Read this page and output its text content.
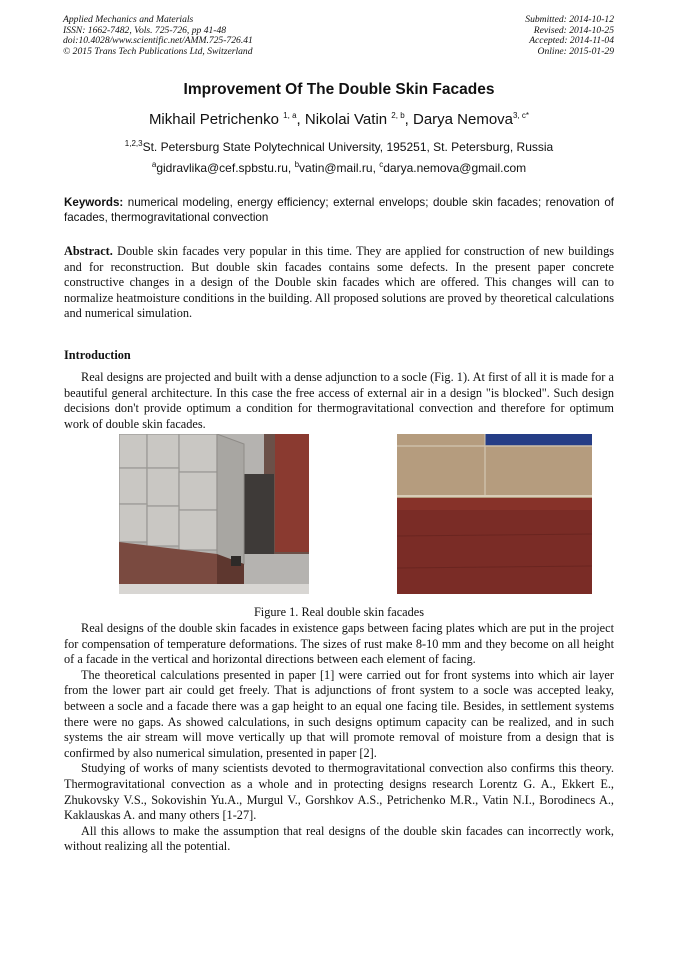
Applied Mechanics and Materials
ISSN: 1662-7482, Vols. 725-726, pp 41-48
doi:10.4028/www.scientific.net/AMM.725-726.41
© 2015 Trans Tech Publications Ltd, Switzerland
Submitted: 2014-10-12
Revised: 2014-10-25
Accepted: 2014-11-04
Online: 2015-01-29
Improvement Of The Double Skin Facades
Mikhail Petrichenko $^{1, a}$, Nikolai Vatin $^{2, b}$, Darya Nemova$^{3, c*}$
$^{1,2,3}$St. Petersburg State Polytechnical University, 195251, St. Petersburg, Russia
$^a$gidravlika@cef.spbstu.ru, $^b$vatin@mail.ru, $^c$darya.nemova@gmail.com
Keywords: numerical modeling, energy efficiency; external envelops; double skin facades; renovation of facades, thermogravitational convection

Abstract. Double skin facades very popular in this time. They are applied for construction of new buildings and for reconstruction. But double skin facades contains some defects. In the present paper concrete constructive changes in a design of the Double skin facades which are offered. This changes will can to normalize heatmoisture conditions in the building. All proposed solutions are proved by theoretical calculations and numerical simulation.

Introduction

Real designs are projected and built with a dense adjunction to a socle (Fig. 1). At first of all it is made for a beautiful general architecture. In this case the free access of external air in a design "is blocked". Such design decisions don't provide optimum a condition for thermogravitational convection and therefore for optimum work of double skin facades.

Figure 1. Real double skin facades

Real designs of the double skin facades in existence gaps between facing plates which are put in the project for compensation of temperature deformations. The sizes of rust make 8-10 mm and they become on all height of a facade in the vertical and horizontal directions between each element of facing.

The theoretical calculations presented in paper [1] were carried out for front systems into which air layer from the lower part air could get freely. That is adjunctions of front system to a socle was accepted leaky, between a socle and a facade there was a gap height to an equal one facing tile. Besides, in settlement systems there were no gaps. As showed calculations, in such designs optimum capacity can be realized, and in such systems the air stream will move vertically up that will promote removal of moisture from a design that is confirmed by also numerical simulation, presented in paper [2].

Studying of works of many scientists devoted to thermogravitational convection also confirms this theory. Thermogravitational convection as a whole and in protecting designs research Lorentz G. A., Ekkert E., Zhukovsky V.S., Sokovishin Yu.A., Murgul V., Gorshkov A.S., Petrichenko M.R., Vatin N.I., Borodinecs A., Kaklauskas A. and many others [1-27].

All this allows to make the assumption that real designs of the double skin facades can incorrectly work, without realizing all the potential.
